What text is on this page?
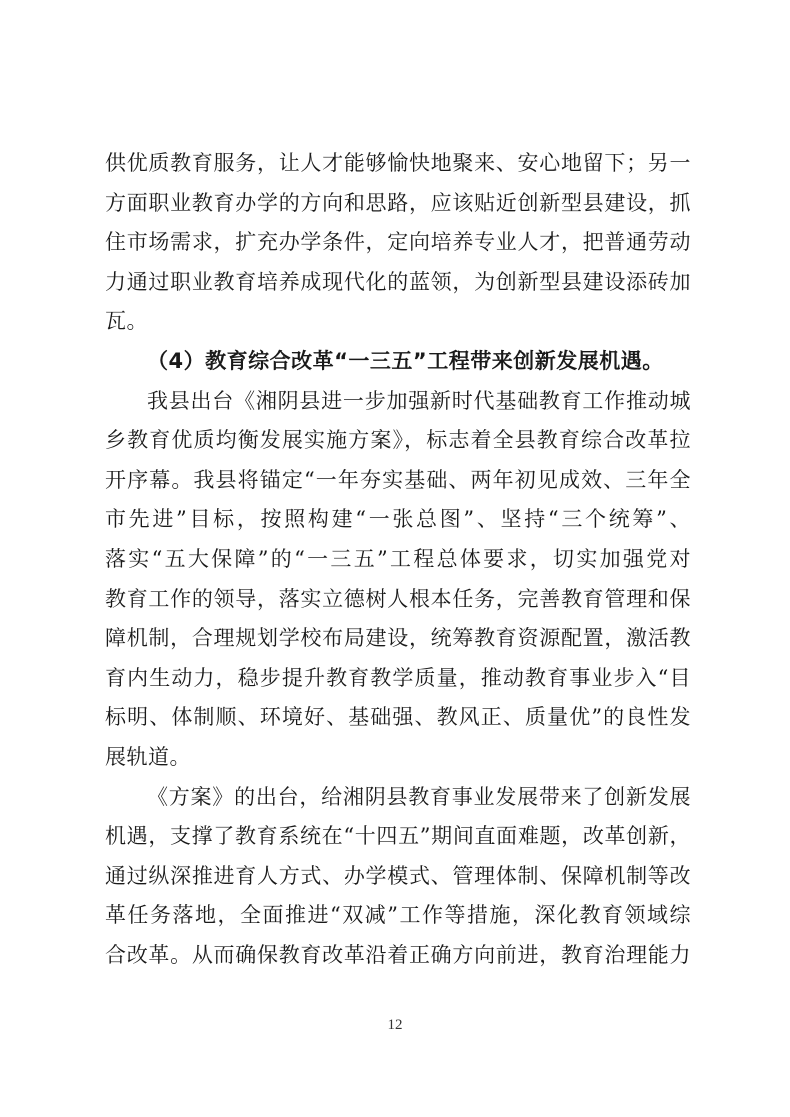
供优质教育服务，让人才能够愉快地聚来、安心地留下；另一
方面职业教育办学的方向和思路，应该贴近创新型县建设，抓
住市场需求，扩充办学条件，定向培养专业人才，把普通劳动
力通过职业教育培养成现代化的蓝领，为创新型县建设添砖加
瓦。
（4）教育综合改革“一三五”工程带来创新发展机遇。
我县出台《湘阴县进一步加强新时代基础教育工作推动城
乡教育优质均衡发展实施方案》，标志着全县教育综合改革拉
开序幕。我县将锚定“一年夯实基础、两年初见成效、三年全
市先进”目标，按照构建“一张总图”、坚持“三个统筹”、
落实“五大保障”的“一三五”工程总体要求，切实加强党对
教育工作的领导，落实立德树人根本任务，完善教育管理和保
障机制，合理规划学校布局建设，统筹教育资源配置，激活教
育内生动力，稳步提升教育教学质量，推动教育事业步入“目
标明、体制顺、环境好、基础强、教风正、质量优”的良性发
展轨道。
《方案》的出台，给湘阴县教育事业发展带来了创新发展
机遇，支撑了教育系统在“十四五”期间直面难题，改革创新，
通过纵深推进育人方式、办学模式、管理体制、保障机制等改
革任务落地，全面推进“双减”工作等措施，深化教育领域综
合改革。从而确保教育改革沿着正确方向前进，教育治理能力
12
